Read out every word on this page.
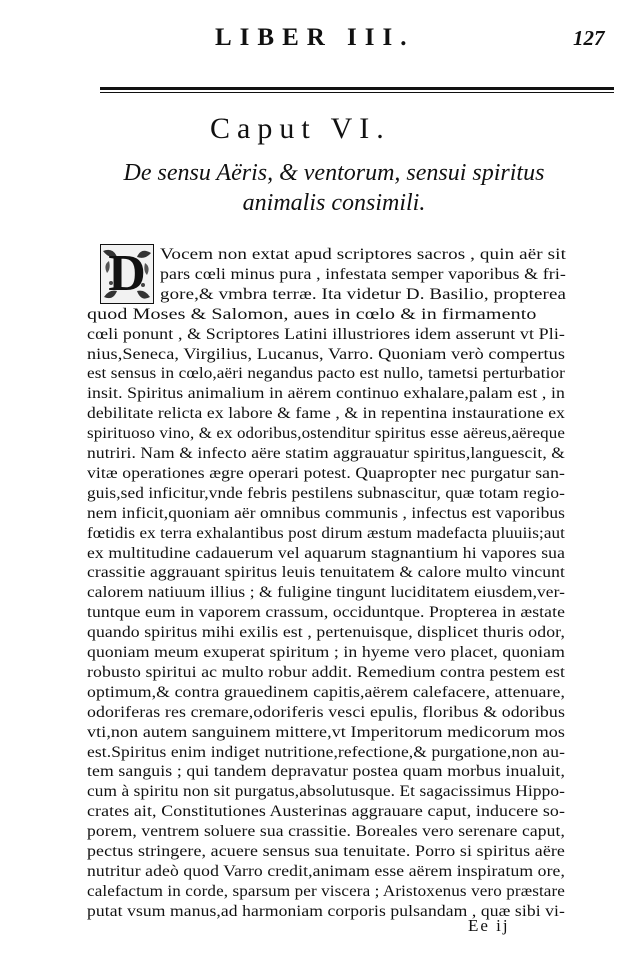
LIBER III.	127
Caput VI.
De sensu Aëris, & ventorum, sensui spiritus animalis consimili.
D Vocem non extat apud scriptores sacros , quin aër sit
pars cœli minus pura , infestata semper vaporibus & fri-
gore,& vmbra terræ. Ita videtur D. Basilio, propterea
quod Moses & Salomon, aues in cœlo & in firmamento
cœli ponunt , & Scriptores Latini illustriores idem asserunt vt Pli-
nius,Seneca, Virgilius, Lucanus, Varro. Quoniam verò compertus
est sensus in cœlo,aëri negandus pacto est nullo, tametsi perturbatior
insit. Spiritus animalium in aërem continuo exhalare,palam est , in
debilitate relicta ex labore & fame , & in repentina instauratione ex
spirituoso vino, & ex odoribus,ostenditur spiritus esse aëreus,aëreque
nutriri. Nam & infecto aëre statim aggrauatur spiritus,languescit, &
vitæ operationes ægre operari potest. Quapropter nec purgatur san-
guis,sed inficitur,vnde febris pestilens subnascitur, quæ totam regio-
nem inficit,quoniam aër omnibus communis , infectus est vaporibus
fœtidis ex terra exhalantibus post dirum æstum madefacta pluuiis;aut
ex multitudine cadauerum vel aquarum stagnantium hi vapores sua
crassitie aggrauant spiritus leuis tenuitatem & calore multo vincunt
calorem natiuum illius ; & fuligine tingunt luciditatem eiusdem,ver-
tuntque eum in vaporem crassum, occiduntque. Propterea in æstate
quando spiritus mihi exilis est , pertenuisque, displicet thuris odor,
quoniam meum exuperat spiritum ; in hyeme vero placet, quoniam
robusto spiritui ac multo robur addit. Remedium contra pestem est
optimum,& contra grauedinem capitis,aërem calefacere, attenuare,
odoriferas res cremare,odoriferis vesci epulis, floribus & odoribus
vti,non autem sanguinem mittere,vt Imperitorum medicorum mos
est.Spiritus enim indiget nutritione,refectione,& purgatione,non au-
tem sanguis ; qui tandem depravatur postea quam morbus inualuit,
cum à spiritu non sit purgatus,absolutusque. Et sagacissimus Hippo-
crates ait, Constitutiones Austerinas aggrauare caput, inducere so-
porem, ventrem soluere sua crassitie. Boreales vero serenare caput,
pectus stringere, acuere sensus sua tenuitate. Porro si spiritus aëre
nutritur adeò quod Varro credit,animam esse aërem inspiratum ore,
calefactum in corde, sparsum per viscera ; Aristoxenus vero præstare
putat vsum manus,ad harmoniam corporis pulsandam , quæ sibi vi-
Ee ij
